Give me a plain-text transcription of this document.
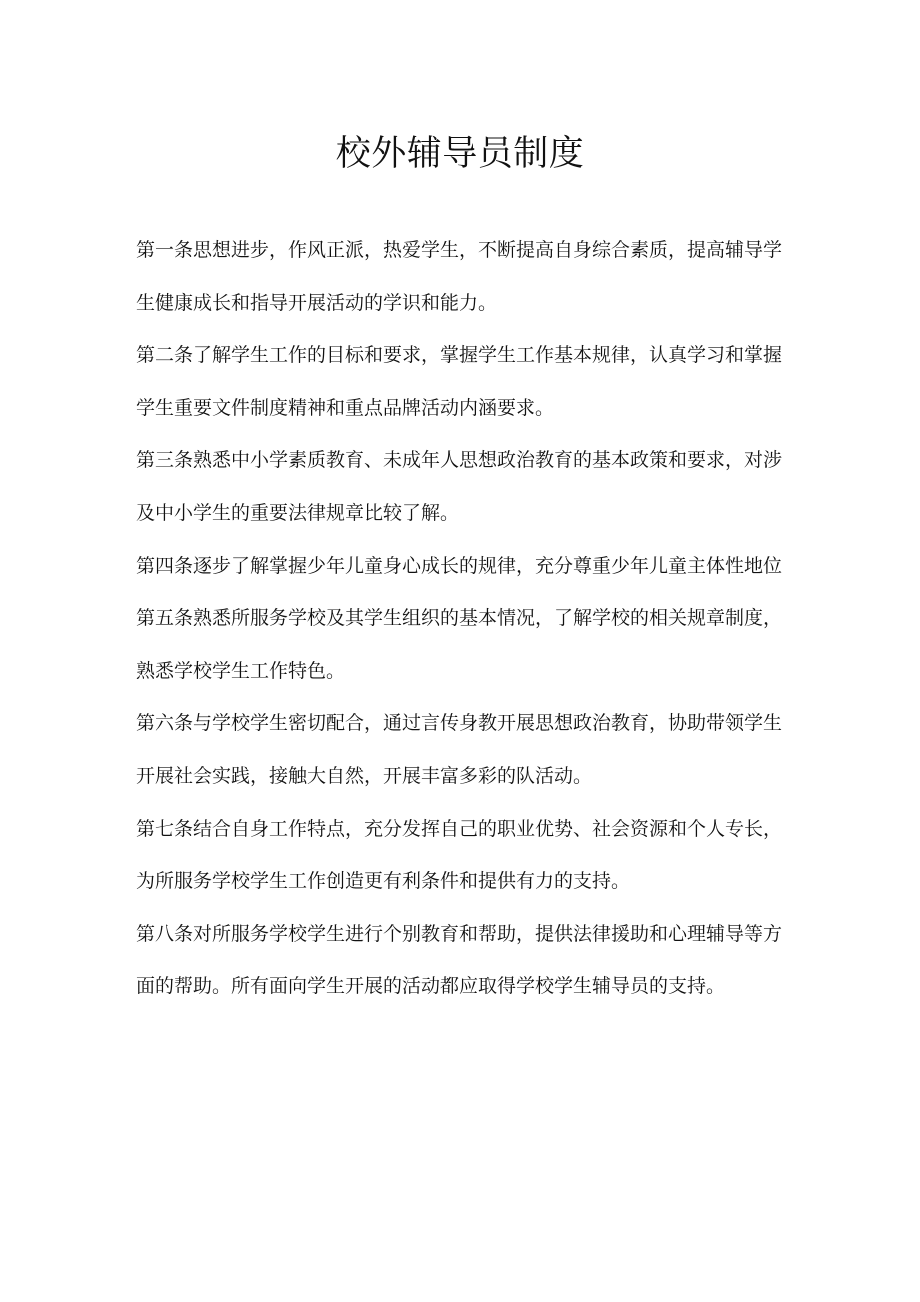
校外辅导员制度
第一条思想进步，作风正派，热爱学生，不断提高自身综合素质，提高辅导学
生健康成长和指导开展活动的学识和能力。
第二条了解学生工作的目标和要求，掌握学生工作基本规律，认真学习和掌握
学生重要文件制度精神和重点品牌活动内涵要求。
第三条熟悉中小学素质教育、未成年人思想政治教育的基本政策和要求，对涉
及中小学生的重要法律规章比较了解。
第四条逐步了解掌握少年儿童身心成长的规律，充分尊重少年儿童主体性地位
第五条熟悉所服务学校及其学生组织的基本情况，了解学校的相关规章制度，
熟悉学校学生工作特色。
第六条与学校学生密切配合，通过言传身教开展思想政治教育，协助带领学生
开展社会实践，接触大自然，开展丰富多彩的队活动。
第七条结合自身工作特点，充分发挥自己的职业优势、社会资源和个人专长，
为所服务学校学生工作创造更有利条件和提供有力的支持。
第八条对所服务学校学生进行个别教育和帮助，提供法律援助和心理辅导等方
面的帮助。所有面向学生开展的活动都应取得学校学生辅导员的支持。
